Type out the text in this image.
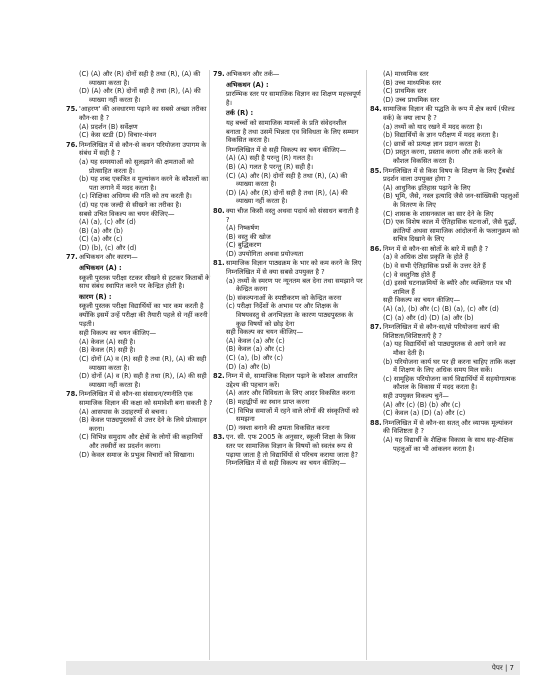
(C) (A) और (R) दोनों सही है तथा (R), (A) की व्याख्या करता है।
(D) (A) और (R) दोनों सही है तथा (R), (A) की व्याख्या नहीं करता है।
75. 'आहरण' की अवधारणा पढ़ाने का सबसे अच्छा तरीका कौन-सा है ?
(A) प्रदर्शन (B) सर्वेक्षण
(C) केस स्टडी (D) विचार-मंथन
76. निम्नलिखित में से कौन-से कथन परियोजना उपागम के संबंध में सही है ?
(a) यह समस्याओं को सुलझाने की क्षमताओं को प्रोत्साहित करता है।
(b) यह शब्द एकत्रित व मूल्यांकन करने के कौशलों का पता लगाने में मदद करता है।
(c) शिक्षिका अधिगम की गति को तय करती है।
(d) यह एक जल्दी से सीखने का तरीका है।
सबसे उचित विकल्प का चयन कीजिए—
(A) (a), (c) और (d)
(B) (a) और (b)
(C) (a) और (c)
(D) (b), (c) और (d)
77. अभिकथन और कारण—
अभिकथन (A) :
स्कूली पुस्तक परीक्षा रटकर सीखने से हटकर किताबों के साथ संबंध स्थापित करने पर केन्द्रित होती है।
कारण (R) :
स्कूली पुस्तक परीक्षा विद्यार्थियों का भार कम करती है क्योंकि इसमें उन्हें परीक्षा की तैयारी पहले से नहीं करनी पड़ती।
सही विकल्प का चयन कीजिए—
(A) केवल (A) सही है।
(B) केवल (R) सही है।
(C) दोनों (A) व (R) सही है तथा (R), (A) की सही व्याख्या करता है।
(D) दोनों (A) व (R) सही है तथा (R), (A) की सही व्याख्या नहीं करता है।
78. निम्नलिखित में से कौन-सा संसाधन/रणनीति एक सामाजिक विज्ञान की कक्षा को समावेशी बना सकती है ?
(A) आसपास के उदाहरणों से बचना।
(B) केवल पाठ्यपुस्तकों से उत्तर देने के लिये प्रोत्साहन करना।
(C) विभिन्न समुदाय और क्षेत्रों के लोगों की कहानियों और तस्वीरों का प्रदर्शन करना।
(D) केवल समाज के प्रभुत्व विचारों को सिखाना।
79. अभिकथन और तर्क—
अभिकथन (A) :
प्रारम्भिक स्तर पर सामाजिक विज्ञान का शिक्षण महत्त्वपूर्ण है।
तर्क (R) :
यह बच्चों को सामाजिक मामलों के प्रति संवेदनशील बनाता है तथा उसमें भिन्नता एव विविधता के लिए सम्मान विकसित करता है।
निम्नलिखित में से सही विकल्प का चयन कीजिए—
(A) (A) सही है परन्तु (R) गलत है।
(B) (A) गलत है परन्तु (R) सही है।
(C) (A) और (R) दोनों सही है तथा (R), (A) की व्याख्या करता है।
(D) (A) और (R) दोनों सही है तथा (R), (A) की व्याख्या नहीं करता है।
80. क्या चीज किसी वस्तु अथवा पदार्थ को संसाधन बनाती है ?
(A) निष्कर्षण
(B) वस्तु की खोज
(C) बुद्धिकरण
(D) उपयोगिता अथवा प्रयोज्यता
81. सामाजिक विज्ञान पाठ्यक्रम के भार को कम करने के लिए निम्नलिखित में से क्या सबसे उपयुक्त है ?
(a) तथ्यों के स्मरण पर न्यूनतम बल देना तथा समझाने पर केन्द्रित करना
(b) संकल्पनाओं के स्पष्टीकरण को केन्द्रित करना
(c) परीक्षा निर्देशों के अभाव पर और शिक्षक के विषयवस्तु से अनभिज्ञता के कारण पाठ्यपुस्तक के कुछ विषयों को छोड़ देना
सही विकल्प का चयन कीजिए—
(A) केवल (a) और (c)
(B) केवल (a) और (c)
(C) (a), (b) और (c)
(D) (a) और (b)
82. निम्न में से, सामाजिक विज्ञान पढ़ाने के कौशल आधारित उद्देश्य की पहचान करें।
(A) अतर और विविधता के लिए आदर विकसित करना
(B) महाद्वीपों का स्थान प्राप्त करना
(C) विभिन्न समाजों में रहने वाले लोगों की संस्कृतियों को समझना
(D) नक्शा बनाने की क्षमता विकसित करना
83. एन. सी. एफ 2005 के अनुसार, स्कूली शिक्षा के किस स्तर पर सामाजिक विज्ञान के विषयों को स्वतंत्र रूप से पढ़ाया जाता है तो विद्यार्थियों से परिचय कराया जाता है?
निम्नलिखित में से सही विकल्प का चयन कीजिए—
(A) माध्यमिक स्तर
(B) उच्च माध्यमिक स्तर
(C) प्राथमिक स्तर
(D) उच्च प्राथमिक स्तर
84. सामाजिक विज्ञान की पद्धति के रूप में क्षेत्र कार्य (फील्ड वर्क) के क्या लाभ है ?
(a) तथ्यों को याद रखने में मदद करता है।
(b) विद्यार्थियों के ज्ञान परीक्षण में मदद करता है।
(c) छात्रों को प्रत्यक्ष ज्ञान प्रदान करता है।
(D) प्रस्तुत करना, प्रस्ताव करना और तर्क करने के कौशल विकसित करता है।
85. निम्नलिखित में से किस विषय के शिक्षण के लिए ट्रैंबबोर्ड प्रदर्शन वाला उपयुक्त होगा ?
(A) आधुनिक इतिहास पढ़ाने के लिए
(B) भूमि, जैसे, नस्ल इत्यादि जैसे जन-सांख्यिकी पहलुओं के वितरण के लिए
(C) शासक के शासनकाल का सार देने के लिए
(D) एक विशेष काल में ऐतिहासिक घटनाओं, जैसे युद्धों, क्रांतियों अथवा सामाजिक आंदोलनों के फलानुक्रम को सचित्र दिखाने के लिए
86. निम्न में से कौन-सा स्रोतों के बारे में सही है ?
(a) वे अधिक ठोस प्रकृति के होते हैं
(b) वे सभी ऐतिहासिक प्रश्नों के उत्तर देते हैं
(c) वे वस्तुनिष्ठ होते हैं
(d) इससे घटनाक्रमियों के ब्यौरे और व्यक्तिगत पत्र भी शामिल हैं
सही विकल्प का चयन कीजिए—
(A) (a), (b) और (c) (B) (a), (c) और (d)
(C) (a) और (d) (D) (a) और (b)
87. निम्नलिखित में से कौन-सा/से परियोजना कार्य की विशिष्टता/विशिष्टताएँ है ?
(a) यह विद्यार्थियों को पाठ्यपुस्तक से आगे जाने का मौका देती है।
(b) परियोजना कार्य घर पर ही करना चाहिए ताकि कक्षा में शिक्षण के लिए अधिक समय मिल सकें।
(c) सामूहिक परियोजना कार्य विद्यार्थियों में सहयोगात्मक कौशल के विकास में मदद करता है।
सही उपयुक्त विकल्प चुनें—
(A) और (c) (B) (b) और (c)
(C) केवल (a) (D) (a) और (c)
88. निम्नलिखित में से कौन-सा सतत् और व्यापक मूल्यांकन की विशिष्टता है ?
(A) यह विद्यार्थी के शैक्षिक विकास के साथ सह-शैक्षिक पहलुओं का भी आंकलन करता है।
पेपर | 7
